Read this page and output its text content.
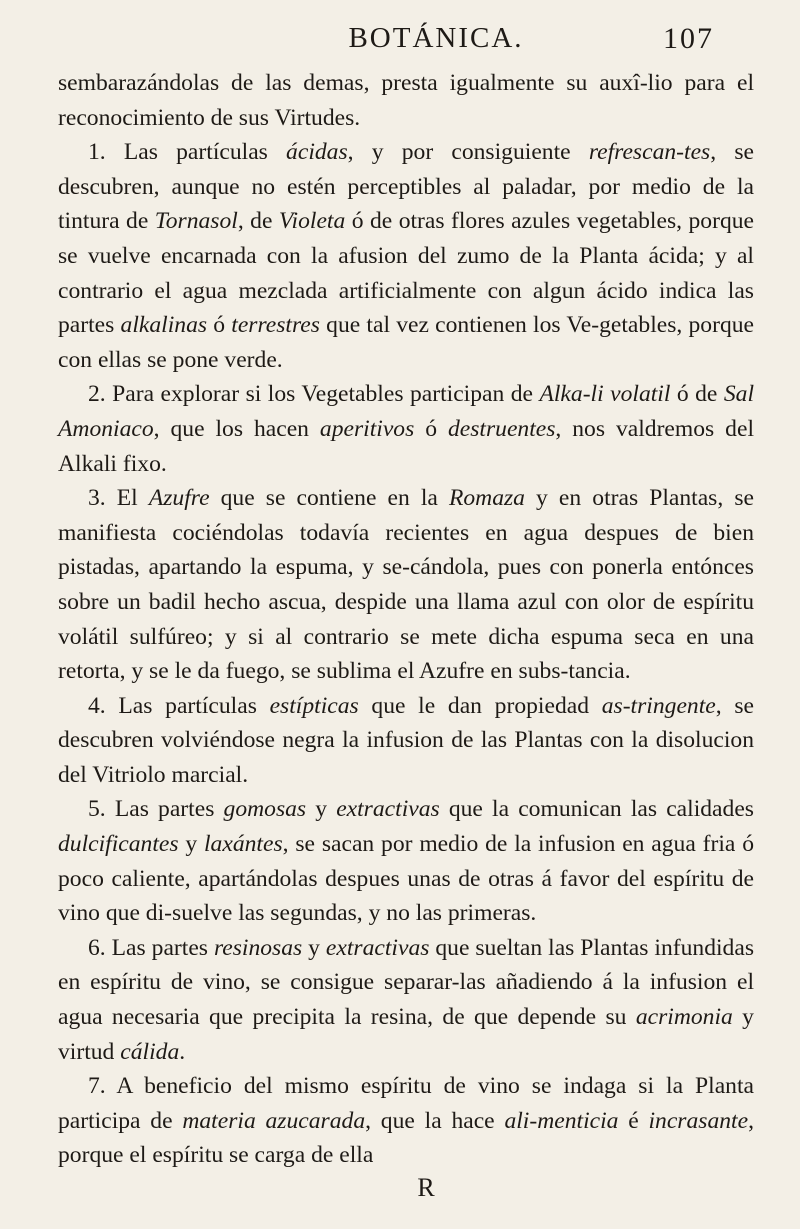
BOTÁNICA.	107

sembarazándolas de las demas, presta igualmente su auxî-lio para el reconocimiento de sus Virtudes.

1. Las partículas ácidas, y por consiguiente refrescan-tes, se descubren, aunque no estén perceptibles al paladar, por medio de la tintura de Tornasol, de Violeta ó de otras flores azules vegetables, porque se vuelve encarnada con la afusion del zumo de la Planta ácida; y al contrario el agua mezclada artificialmente con algun ácido indica las partes alkalinas ó terrestres que tal vez contienen los Ve-getables, porque con ellas se pone verde.

2. Para explorar si los Vegetables participan de Alka-li volatil ó de Sal Amoniaco, que los hacen aperitivos ó destruentes, nos valdremos del Alkali fixo.

3. El Azufre que se contiene en la Romaza y en otras Plantas, se manifiesta cociéndolas todavía recientes en agua despues de bien pistadas, apartando la espuma, y se-cándola, pues con ponerla entónces sobre un badil hecho ascua, despide una llama azul con olor de espíritu volátil sulfúreo; y si al contrario se mete dicha espuma seca en una retorta, y se le da fuego, se sublima el Azufre en subs-tancia.

4. Las partículas estípticas que le dan propiedad as-tringente, se descubren volviéndose negra la infusion de las Plantas con la disolucion del Vitriolo marcial.

5. Las partes gomosas y extractivas que la comunican las calidades dulcificantes y laxántes, se sacan por medio de la infusion en agua fria ó poco caliente, apartándolas despues unas de otras á favor del espíritu de vino que di-suelve las segundas, y no las primeras.

6. Las partes resinosas y extractivas que sueltan las Plantas infundidas en espíritu de vino, se consigue separar-las añadiendo á la infusion el agua necesaria que precipita la resina, de que depende su acrimonia y virtud cálida.

7. A beneficio del mismo espíritu de vino se indaga si la Planta participa de materia azucarada, que la hace ali-menticia é incrasante, porque el espíritu se carga de ella

R
